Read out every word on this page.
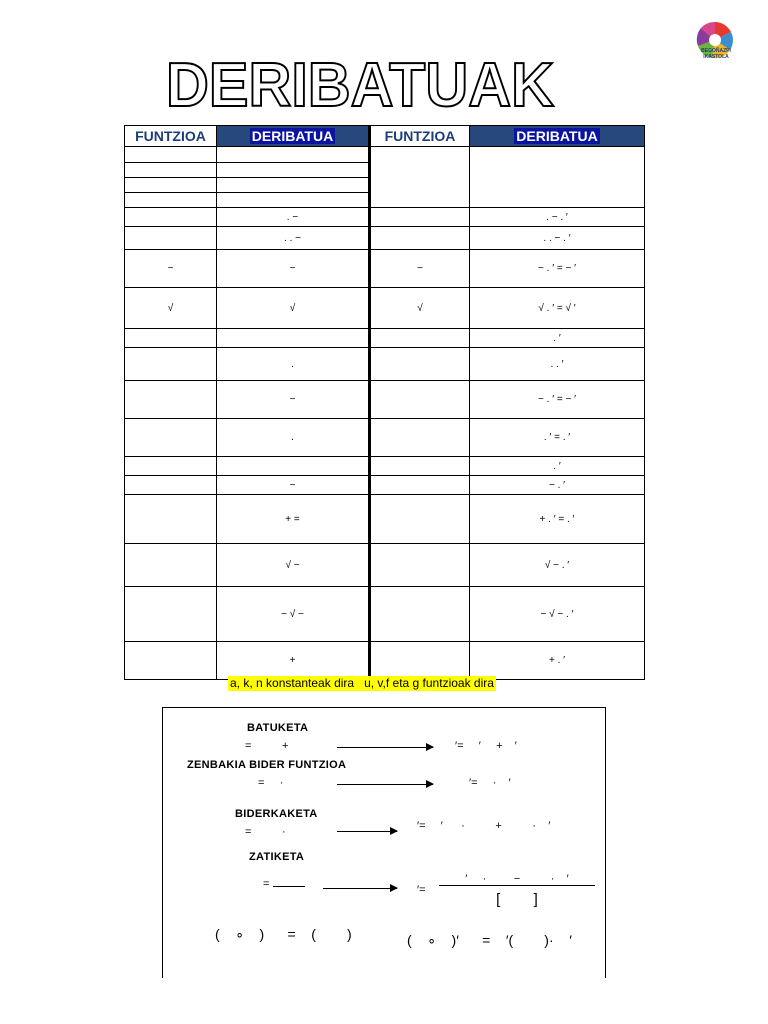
BEGOÑAZPI IKASTOLA
DERIBATUAK
FUNTZIOA	DERIBATUA	FUNTZIOA	DERIBATUA

	. −		. − . ′
	. . −		. . − . ′
−	−	−	− . ′ = − ′
√	√	√	√ . ′ = √ ′
			. ′
	.		. . ′
	−		− . ′ = − ′
	.		. ′ = . ′
			. ′
	−		− . ′
	+ =		+ . ′ = . ′
	√ −		√ − . ′
	− √ −		− √ − . ′
	+		+ . ′
a, k, n konstanteak dira   u, v,f eta g funtzioak dira
BATUKETA
=          +	′=     ′     +    ′
ZENBAKIA BIDER FUNTZIOA
=     ·	′=     ·    ′
BIDERKAKETA
=          ·	′=     ′      ·          +          ·    ′
ZATIKETA
=	′=
′     ·         −          ·    ′
[        ]
(    ∘    )      =    (        )	(    ∘    )′      =    ′(        )·    ′
